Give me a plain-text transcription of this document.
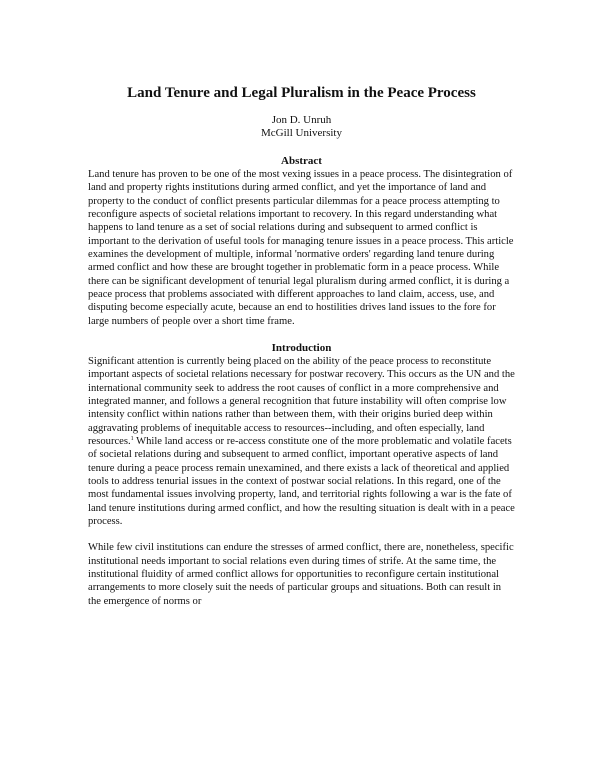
Land Tenure and Legal Pluralism in the Peace Process
Jon D. Unruh
McGill University
Abstract

Land tenure has proven to be one of the most vexing issues in a peace process. The disintegration of land and property rights institutions during armed conflict, and yet the importance of land and property to the conduct of conflict presents particular dilemmas for a peace process attempting to reconfigure aspects of societal relations important to recovery. In this regard understanding what happens to land tenure as a set of social relations during and subsequent to armed conflict is important to the derivation of useful tools for managing tenure issues in a peace process. This article examines the development of multiple, informal 'normative orders' regarding land tenure during armed conflict and how these are brought together in problematic form in a peace process. While there can be significant development of tenurial legal pluralism during armed conflict, it is during a peace process that problems associated with different approaches to land claim, access, use, and disputing become especially acute, because an end to hostilities drives land issues to the fore for large numbers of people over a short time frame.

Introduction

Significant attention is currently being placed on the ability of the peace process to reconstitute important aspects of societal relations necessary for postwar recovery. This occurs as the UN and the international community seek to address the root causes of conflict in a more comprehensive and integrated manner, and follows a general recognition that future instability will often comprise low intensity conflict within nations rather than between them, with their origins buried deep within aggravating problems of inequitable access to resources--including, and often especially, land resources.$^1$ While land access or re-access constitute one of the more problematic and volatile facets of societal relations during and subsequent to armed conflict, important operative aspects of land tenure during a peace process remain unexamined, and there exists a lack of theoretical and applied tools to address tenurial issues in the context of postwar social relations. In this regard, one of the most fundamental issues involving property, land, and territorial rights following a war is the fate of land tenure institutions during armed conflict, and how the resulting situation is dealt with in a peace process.

While few civil institutions can endure the stresses of armed conflict, there are, nonetheless, specific institutional needs important to social relations even during times of strife. At the same time, the institutional fluidity of armed conflict allows for opportunities to reconfigure certain institutional arrangements to more closely suit the needs of particular groups and situations. Both can result in the emergence of norms or
